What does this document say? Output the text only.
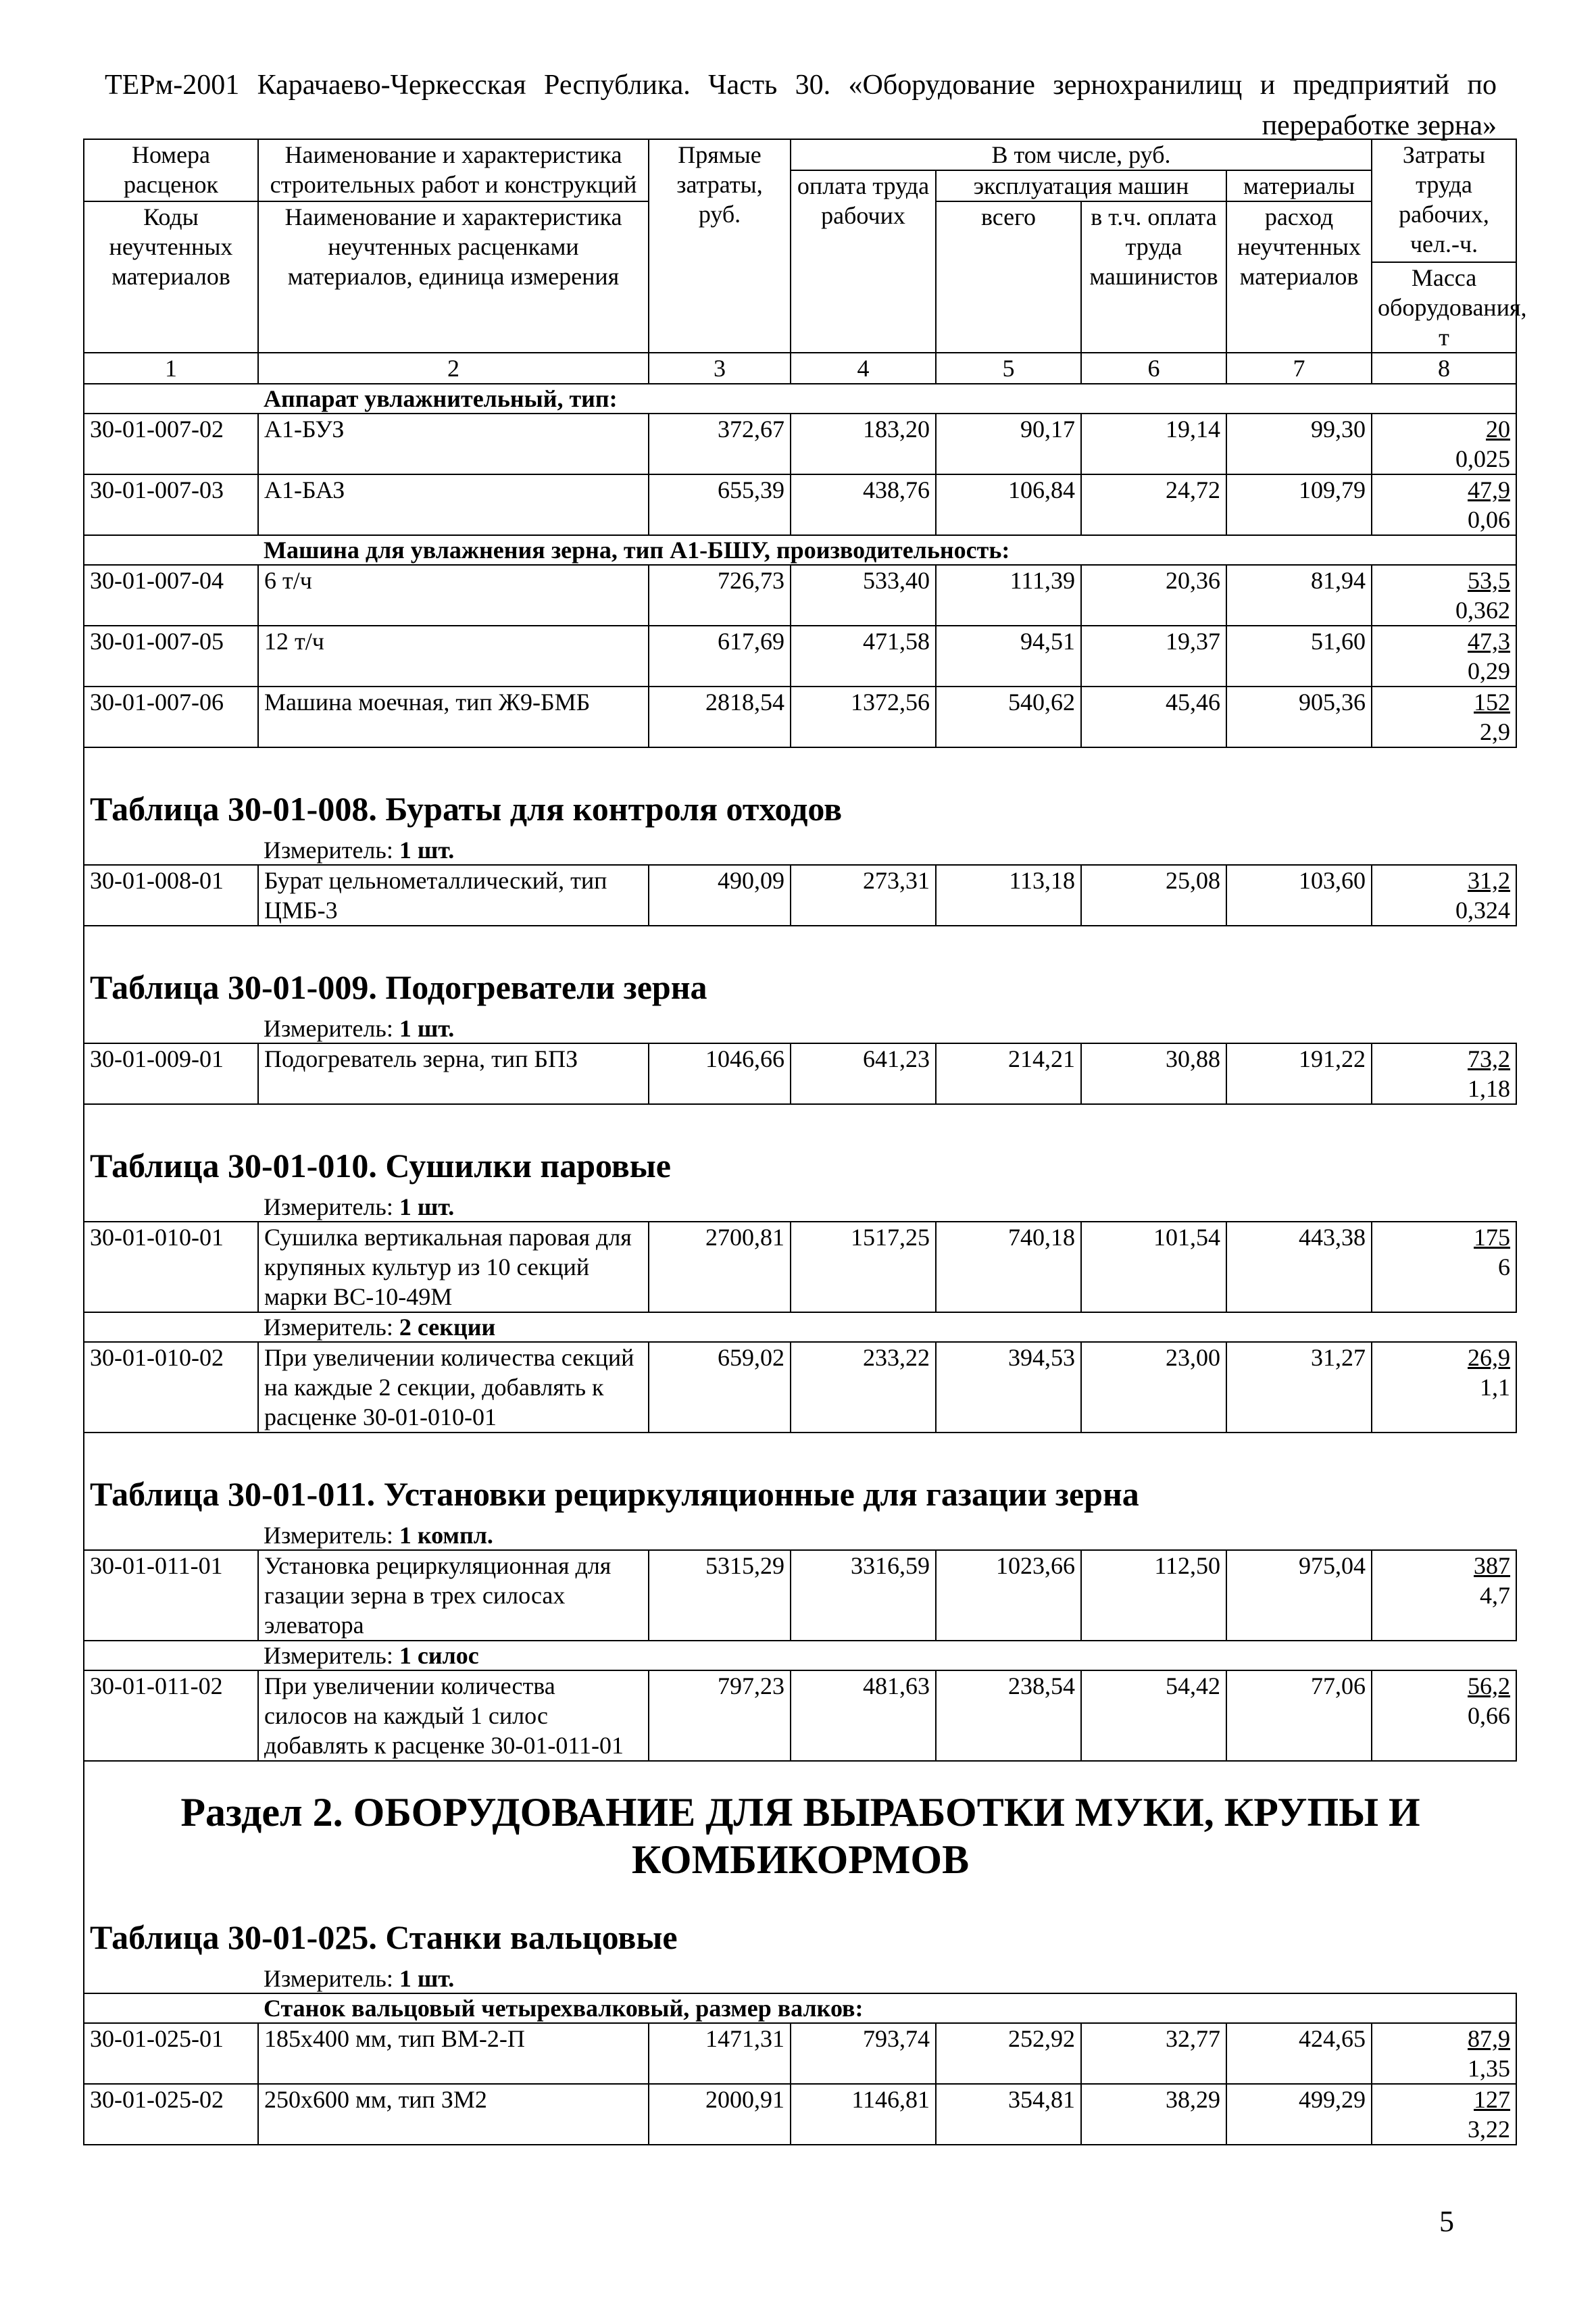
ТЕРм-2001 Карачаево-Черкесская Республика. Часть 30. «Оборудование зернохранилищ и предприятий по переработке зерна»
Номера расценок	Наименование и характеристика строительных работ и конструкций	Прямые затраты, руб.	В том числе, руб.				Затраты труда рабочих, чел.-ч.
			оплата труда рабочих	эксплуатация машин		материалы	
Коды неучтенных материалов	Наименование и характеристика неучтенных расценками материалов, единица измерения			всего	в т.ч. оплата труда машинистов	расход неучтенных материалов	
							Масса оборудования, т
1	2	3	4	5	6	7	8
	Аппарат увлажнительный, тип:						
30-01-007-02	А1-БУЗ	372,67	183,20	90,17	19,14	99,30	20
0,025

30-01-007-03	А1-БАЗ	655,39	438,76	106,84	24,72	109,79	47,9
0,06

	Машина для увлажнения зерна, тип А1-БШУ, производительность:						
30-01-007-04	6 т/ч	726,73	533,40	111,39	20,36	81,94	53,5
0,362

30-01-007-05	12 т/ч	617,69	471,58	94,51	19,37	51,60	47,3
0,29

30-01-007-06	Машина моечная, тип Ж9-БМБ	2818,54	1372,56	540,62	45,46	905,36	152
2,9

Таблица 30-01-008. Бураты для контроля отходов							
	Измеритель: 1 шт.						
30-01-008-01	Бурат цельнометаллический, тип ЦМБ-3	490,09	273,31	113,18	25,08	103,60	31,2
0,324

Таблица 30-01-009. Подогреватели зерна							
	Измеритель: 1 шт.						
30-01-009-01	Подогреватель зерна, тип БПЗ	1046,66	641,23	214,21	30,88	191,22	73,2
1,18

Таблица 30-01-010. Сушилки паровые							
	Измеритель: 1 шт.						
30-01-010-01	Сушилка вертикальная паровая для крупяных культур из 10 секций марки ВС-10-49М	2700,81	1517,25	740,18	101,54	443,38	175
6

	Измеритель: 2 секции						
30-01-010-02	При увеличении количества секций на каждые 2 секции, добавлять к расценке 30-01-010-01	659,02	233,22	394,53	23,00	31,27	26,9
1,1

Таблица 30-01-011. Установки рециркуляционные для газации зерна							
	Измеритель: 1 компл.						
30-01-011-01	Установка рециркуляционная для газации зерна в трех силосах элеватора	5315,29	3316,59	1023,66	112,50	975,04	387
4,7

	Измеритель: 1 силос						
30-01-011-02	При увеличении количества силосов на каждый 1 силос добавлять к расценке 30-01-011-01	797,23	481,63	238,54	54,42	77,06	56,2
0,66

Раздел 2. ОБОРУДОВАНИЕ ДЛЯ ВЫРАБОТКИ МУКИ, КРУПЫ И КОМБИКОРМОВ							
Таблица 30-01-025. Станки вальцовые							
	Измеритель: 1 шт.						
	Станок вальцовый четырехвалковый, размер валков:						
30-01-025-01	185х400 мм, тип ВМ-2-П	1471,31	793,74	252,92	32,77	424,65	87,9
1,35

30-01-025-02	250х600 мм, тип ЗМ2	2000,91	1146,81	354,81	38,29	499,29	127
3,22
5
